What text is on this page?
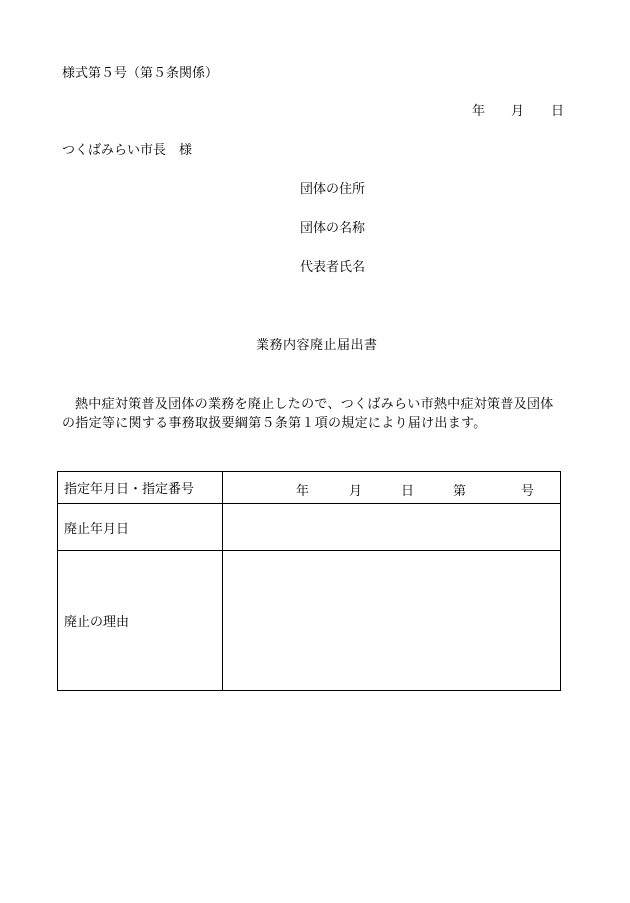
様式第５号（第５条関係）
年 月 日
つくばみらい市長　様
団体の住所
団体の名称
代表者氏名
業務内容廃止届出書
熱中症対策普及団体の業務を廃止したので、つくばみらい市熱中症対策普及団体の指定等に関する事務取扱要綱第５条第１項の規定により届け出ます。
指定年月日・指定番号	年 月 日 第 号

廃止年月日	
廃止の理由	
